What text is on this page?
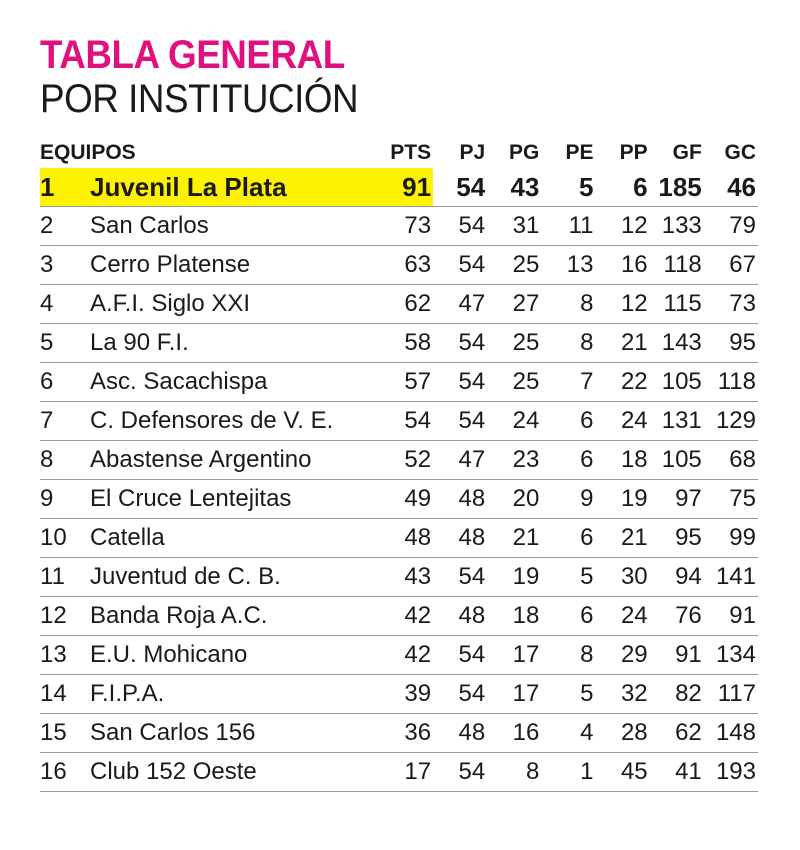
TABLA GENERAL
POR INSTITUCIÓN
EQUIPOS	PTS	PJ	PG	PE	PP	GF	GC
1 Juvenil La Plata	91	54	43	5	6	185	46
2 San Carlos	73	54	31	11	12	133	79
3 Cerro Platense	63	54	25	13	16	118	67
4 A.F.I. Siglo XXI	62	47	27	8	12	115	73
5 La 90 F.I.	58	54	25	8	21	143	95
6 Asc. Sacachispa	57	54	25	7	22	105	118
7 C. Defensores de V. E.	54	54	24	6	24	131	129
8 Abastense Argentino	52	47	23	6	18	105	68
9 El Cruce Lentejitas	49	48	20	9	19	97	75
10 Catella	48	48	21	6	21	95	99
11 Juventud de C. B.	43	54	19	5	30	94	141
12 Banda Roja A.C.	42	48	18	6	24	76	91
13 E.U. Mohicano	42	54	17	8	29	91	134
14 F.I.P.A.	39	54	17	5	32	82	117
15 San Carlos 156	36	48	16	4	28	62	148
16 Club 152 Oeste	17	54	8	1	45	41	193
